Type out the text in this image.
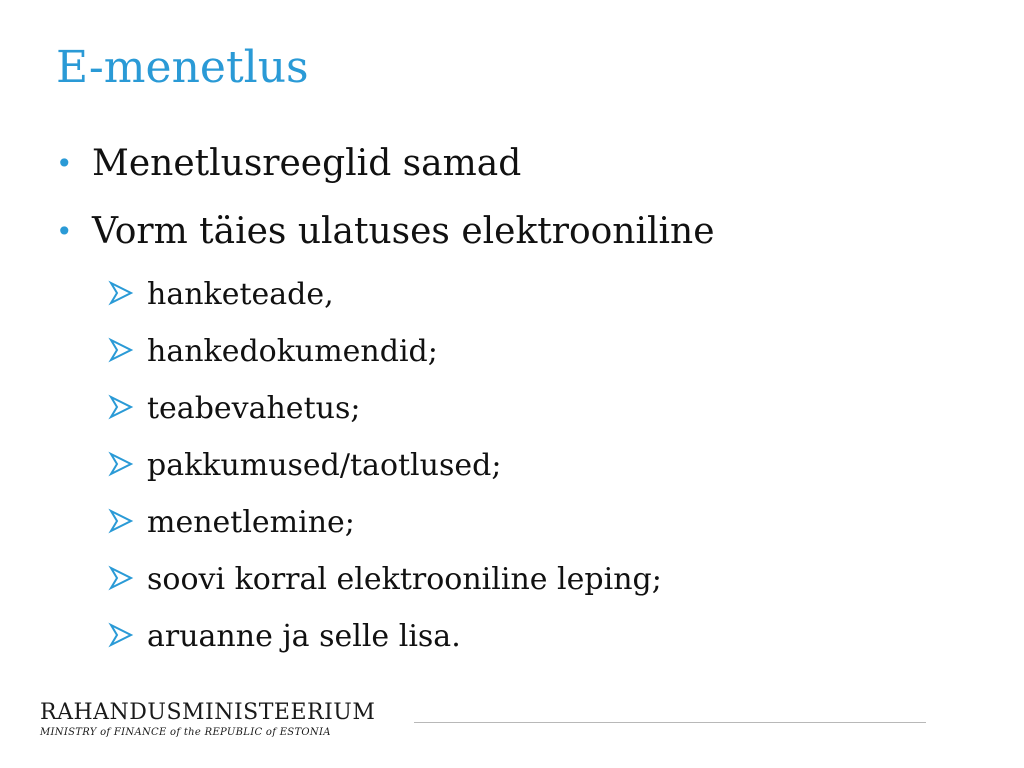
E-menetlus
• Menetlusreeglid samad
• Vorm täies ulatuses elektrooniline
hanketeade,
hankedokumendid;
teabevahetus;
pakkumused/taotlused;
menetlemine;
soovi korral elektrooniline leping;
aruanne ja selle lisa.
RAHANDUSMINISTEERIUM
MINISTRY of FINANCE of the REPUBLIC of ESTONIA
